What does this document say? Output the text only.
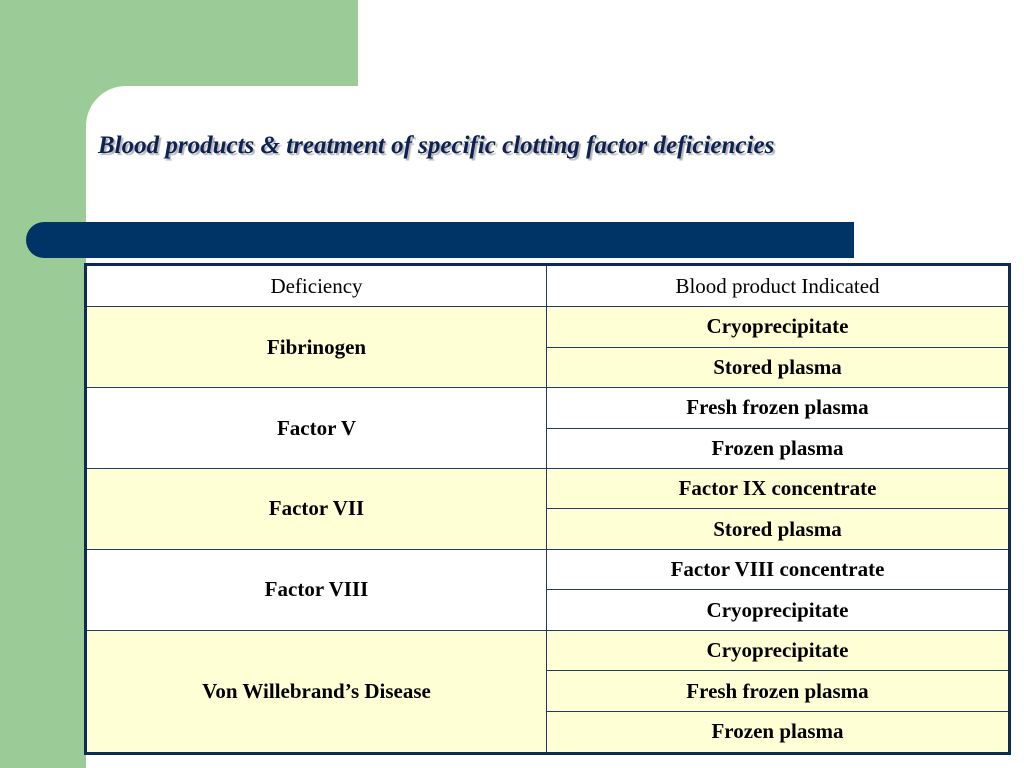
Blood products & treatment of specific clotting factor deficiencies
Deficiency	Blood product Indicated
Fibrinogen	Cryoprecipitate
	Stored plasma
Factor V	Fresh frozen plasma
	Frozen plasma
Factor VII	Factor IX concentrate
	Stored plasma
Factor VIII	Factor VIII concentrate
	Cryoprecipitate
Von Willebrand’s Disease	Cryoprecipitate
	Fresh frozen plasma
	Frozen plasma
